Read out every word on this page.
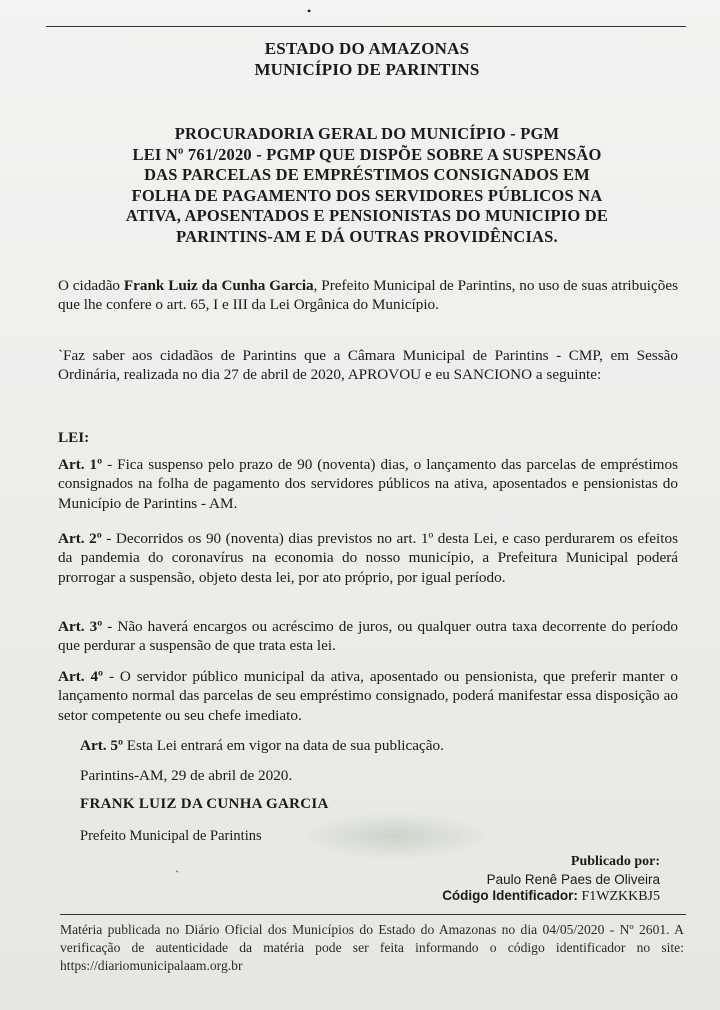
•
ESTADO DO AMAZONAS
MUNICÍPIO DE PARINTINS
PROCURADORIA GERAL DO MUNICÍPIO - PGM
LEI Nº 761/2020 - PGMP QUE DISPÕE SOBRE A SUSPENSÃO
DAS PARCELAS DE EMPRÉSTIMOS CONSIGNADOS EM
FOLHA DE PAGAMENTO DOS SERVIDORES PÚBLICOS NA
ATIVA, APOSENTADOS E PENSIONISTAS DO MUNICIPIO DE
PARINTINS-AM E DÁ OUTRAS PROVIDÊNCIAS.
O cidadão Frank Luiz da Cunha Garcia, Prefeito Municipal de Parintins, no uso de suas atribuições que lhe confere o art. 65, I e III da Lei Orgânica do Município.
`Faz saber aos cidadãos de Parintins que a Câmara Municipal de Parintins - CMP, em Sessão Ordinária, realizada no dia 27 de abril de 2020, APROVOU e eu SANCIONO a seguinte:
LEI:
Art. 1º - Fica suspenso pelo prazo de 90 (noventa) dias, o lançamento das parcelas de empréstimos consignados na folha de pagamento dos servidores públicos na ativa, aposentados e pensionistas do Município de Parintins - AM.
Art. 2º - Decorridos os 90 (noventa) dias previstos no art. 1º desta Lei, e caso perdurarem os efeitos da pandemia do coronavírus na economia do nosso município, a Prefeitura Municipal poderá prorrogar a suspensão, objeto desta lei, por ato próprio, por igual período.
Art. 3º - Não haverá encargos ou acréscimo de juros, ou qualquer outra taxa decorrente do período que perdurar a suspensão de que trata esta lei.
Art. 4º - O servidor público municipal da ativa, aposentado ou pensionista, que preferir manter o lançamento normal das parcelas de seu empréstimo consignado, poderá manifestar essa disposição ao setor competente ou seu chefe imediato.
Art. 5º Esta Lei entrará em vigor na data de sua publicação.
Parintins-AM, 29 de abril de 2020.
FRANK LUIZ DA CUNHA GARCIA
Prefeito Municipal de Parintins
`
Publicado por:
Paulo Renê Paes de Oliveira
Código Identificador: F1WZKKBJ5
Matéria publicada no Diário Oficial dos Municípios do Estado do Amazonas no dia 04/05/2020 - Nº 2601. A verificação de autenticidade da matéria pode ser feita informando o código identificador no site: https://diariomunicipalaam.org.br
